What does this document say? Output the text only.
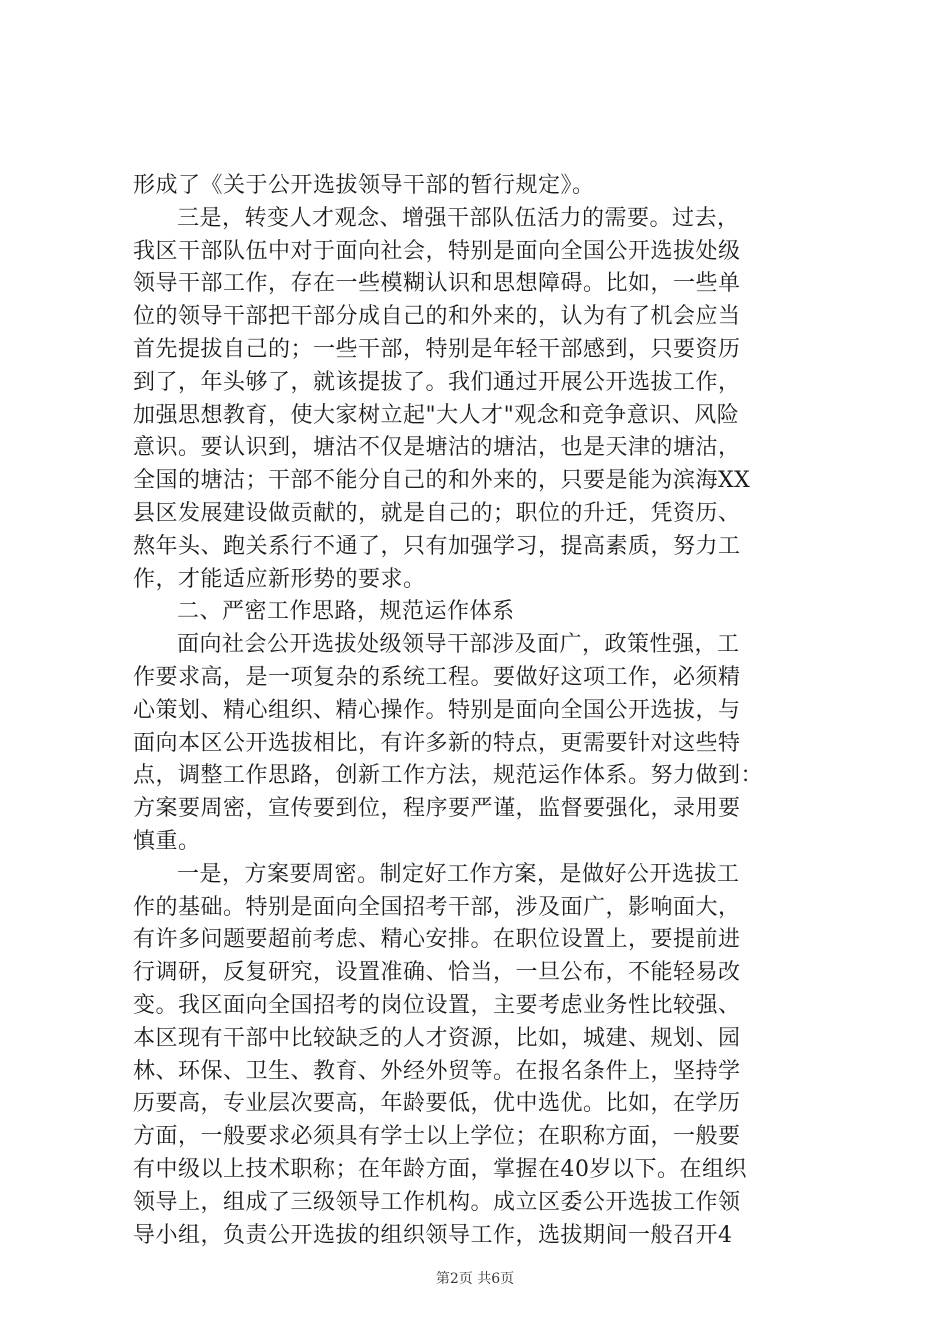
形成了《关于公开选拔领导干部的暂行规定》。
三是，转变人才观念、增强干部队伍活力的需要。过去，
我区干部队伍中对于面向社会，特别是面向全国公开选拔处级
领导干部工作，存在一些模糊认识和思想障碍。比如，一些单
位的领导干部把干部分成自己的和外来的，认为有了机会应当
首先提拔自己的；一些干部，特别是年轻干部感到，只要资历
到了，年头够了，就该提拔了。我们通过开展公开选拔工作，
加强思想教育，使大家树立起"大人才"观念和竞争意识、风险
意识。要认识到，塘沽不仅是塘沽的塘沽，也是天津的塘沽，
全国的塘沽；干部不能分自己的和外来的，只要是能为滨海XX
县区发展建设做贡献的，就是自己的；职位的升迁，凭资历、
熬年头、跑关系行不通了，只有加强学习，提高素质，努力工
作，才能适应新形势的要求。
二、严密工作思路，规范运作体系
面向社会公开选拔处级领导干部涉及面广，政策性强，工
作要求高，是一项复杂的系统工程。要做好这项工作，必须精
心策划、精心组织、精心操作。特别是面向全国公开选拔，与
面向本区公开选拔相比，有许多新的特点，更需要针对这些特
点，调整工作思路，创新工作方法，规范运作体系。努力做到：
方案要周密，宣传要到位，程序要严谨，监督要强化，录用要
慎重。
一是，方案要周密。制定好工作方案，是做好公开选拔工
作的基础。特别是面向全国招考干部，涉及面广，影响面大，
有许多问题要超前考虑、精心安排。在职位设置上，要提前进
行调研，反复研究，设置准确、恰当，一旦公布，不能轻易改
变。我区面向全国招考的岗位设置，主要考虑业务性比较强、
本区现有干部中比较缺乏的人才资源，比如，城建、规划、园
林、环保、卫生、教育、外经外贸等。在报名条件上，坚持学
历要高，专业层次要高，年龄要低，优中选优。比如，在学历
方面，一般要求必须具有学士以上学位；在职称方面，一般要
有中级以上技术职称；在年龄方面，掌握在40岁以下。在组织
领导上，组成了三级领导工作机构。成立区委公开选拔工作领
导小组，负责公开选拔的组织领导工作，选拔期间一般召开4
第2页 共6页
